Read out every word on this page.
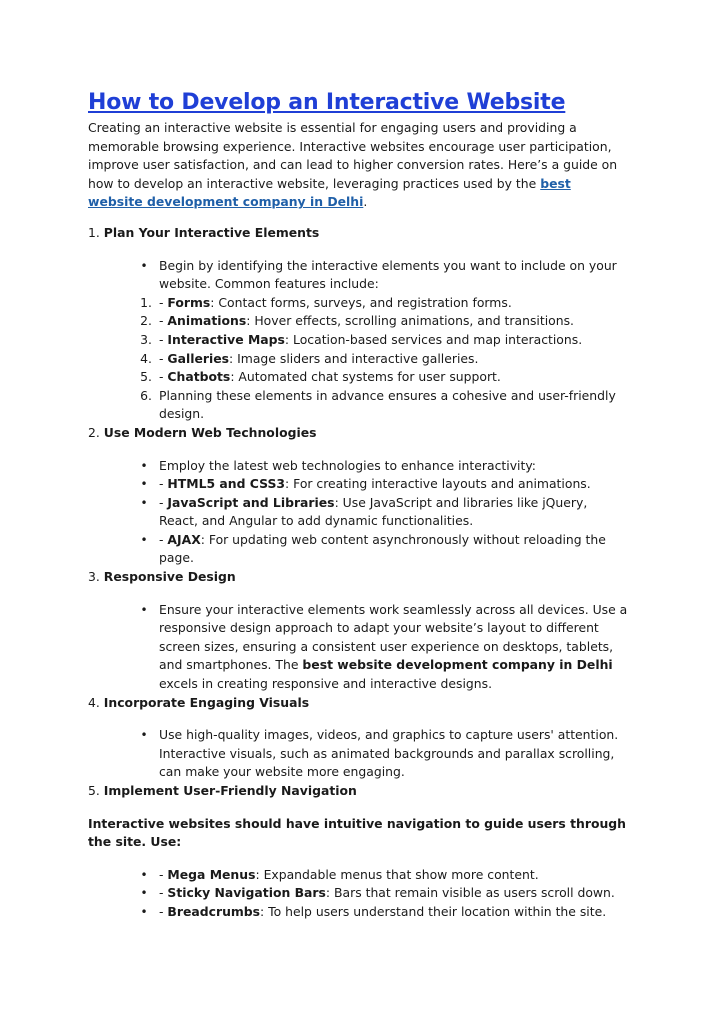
How to Develop an Interactive Website

Creating an interactive website is essential for engaging users and providing a memorable browsing experience. Interactive websites encourage user participation, improve user satisfaction, and can lead to higher conversion rates. Here’s a guide on how to develop an interactive website, leveraging practices used by the best website development company in Delhi.

1. Plan Your Interactive Elements

• Begin by identifying the interactive elements you want to include on your website. Common features include:
1. - Forms: Contact forms, surveys, and registration forms.
2. - Animations: Hover effects, scrolling animations, and transitions.
3. - Interactive Maps: Location-based services and map interactions.
4. - Galleries: Image sliders and interactive galleries.
5. - Chatbots: Automated chat systems for user support.
6. Planning these elements in advance ensures a cohesive and user-friendly design.

2. Use Modern Web Technologies

• Employ the latest web technologies to enhance interactivity:
• - HTML5 and CSS3: For creating interactive layouts and animations.
• - JavaScript and Libraries: Use JavaScript and libraries like jQuery, React, and Angular to add dynamic functionalities.
• - AJAX: For updating web content asynchronously without reloading the page.

3. Responsive Design

• Ensure your interactive elements work seamlessly across all devices. Use a responsive design approach to adapt your website’s layout to different screen sizes, ensuring a consistent user experience on desktops, tablets, and smartphones. The best website development company in Delhi excels in creating responsive and interactive designs.

4. Incorporate Engaging Visuals

• Use high-quality images, videos, and graphics to capture users' attention. Interactive visuals, such as animated backgrounds and parallax scrolling, can make your website more engaging.

5. Implement User-Friendly Navigation

Interactive websites should have intuitive navigation to guide users through the site. Use:

• - Mega Menus: Expandable menus that show more content.
• - Sticky Navigation Bars: Bars that remain visible as users scroll down.
• - Breadcrumbs: To help users understand their location within the site.
